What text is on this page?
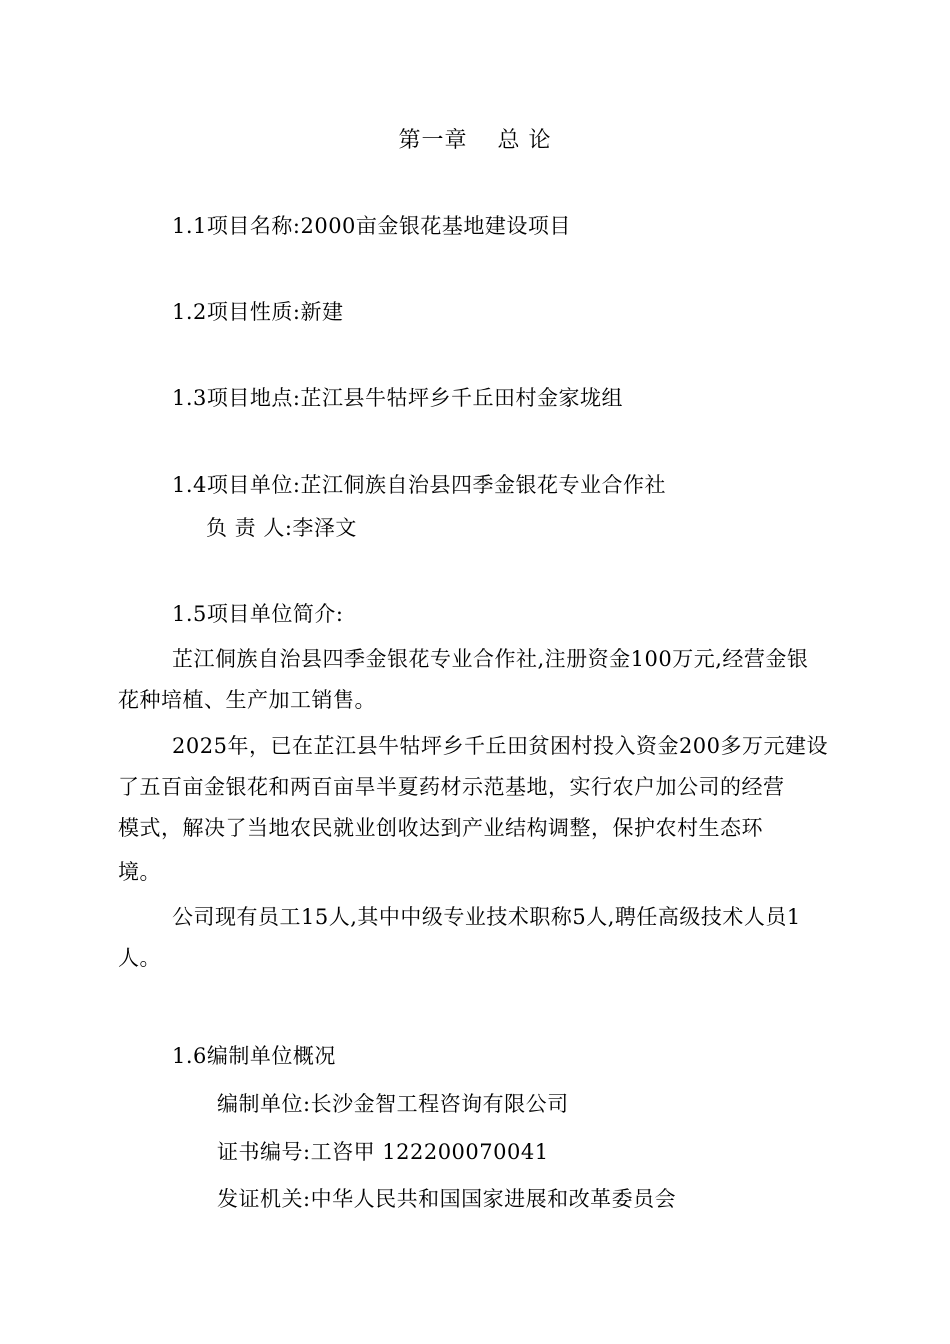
第一章 总 论
1.1项目名称:2000亩金银花基地建设项目
1.2项目性质:新建
1.3项目地点:芷江县牛牯坪乡千丘田村金家垅组
1.4项目单位:芷江侗族自治县四季金银花专业合作社
负 责 人:李泽文
1.5项目单位简介:
芷江侗族自治县四季金银花专业合作社,注册资金100万元,经营金银
花种培植、生产加工销售。
2025年，已在芷江县牛牯坪乡千丘田贫困村投入资金200多万元建设
了五百亩金银花和两百亩旱半夏药材示范基地，实行农户加公司的经营
模式，解决了当地农民就业创收达到产业结构调整，保护农村生态环
境。
公司现有员工15人,其中中级专业技术职称5人,聘任高级技术人员1
人。
1.6编制单位概况
编制单位:长沙金智工程咨询有限公司
证书编号:工咨甲 122200070041
发证机关:中华人民共和国国家进展和改革委员会
